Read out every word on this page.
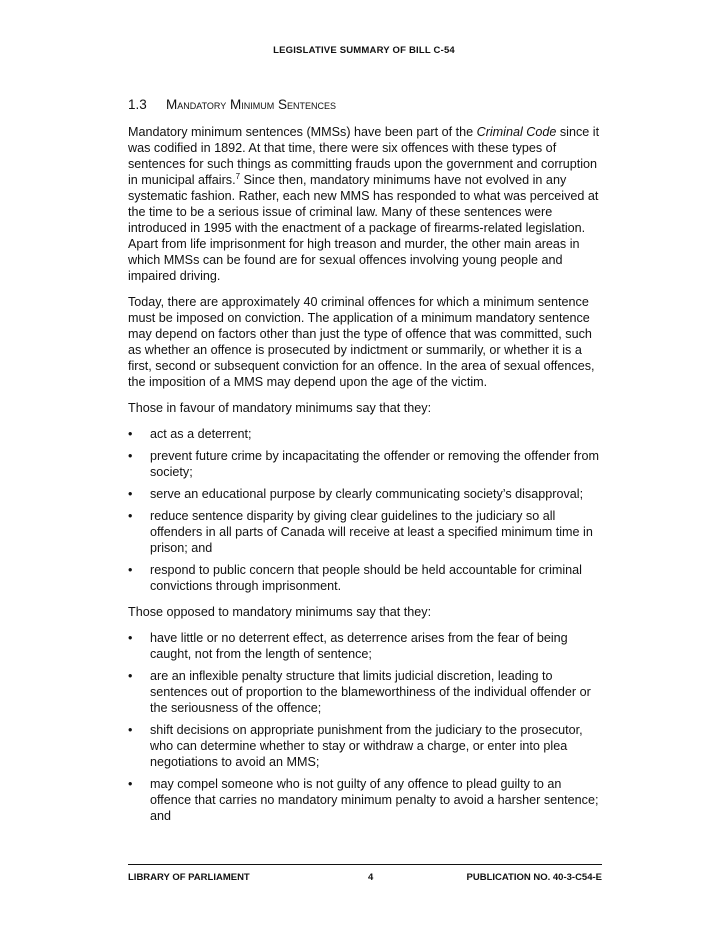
LEGISLATIVE SUMMARY OF BILL C-54
1.3	Mandatory Minimum Sentences

Mandatory minimum sentences (MMSs) have been part of the Criminal Code since it was codified in 1892. At that time, there were six offences with these types of sentences for such things as committing frauds upon the government and corruption in municipal affairs.$^7$ Since then, mandatory minimums have not evolved in any systematic fashion. Rather, each new MMS has responded to what was perceived at the time to be a serious issue of criminal law. Many of these sentences were introduced in 1995 with the enactment of a package of firearms-related legislation. Apart from life imprisonment for high treason and murder, the other main areas in which MMSs can be found are for sexual offences involving young people and impaired driving.

Today, there are approximately 40 criminal offences for which a minimum sentence must be imposed on conviction. The application of a minimum mandatory sentence may depend on factors other than just the type of offence that was committed, such as whether an offence is prosecuted by indictment or summarily, or whether it is a first, second or subsequent conviction for an offence. In the area of sexual offences, the imposition of a MMS may depend upon the age of the victim.

Those in favour of mandatory minimums say that they:

•	act as a deterrent;
•	prevent future crime by incapacitating the offender or removing the offender from society;
•	serve an educational purpose by clearly communicating society’s disapproval;
•	reduce sentence disparity by giving clear guidelines to the judiciary so all offenders in all parts of Canada will receive at least a specified minimum time in prison; and
•	respond to public concern that people should be held accountable for criminal convictions through imprisonment.

Those opposed to mandatory minimums say that they:

•	have little or no deterrent effect, as deterrence arises from the fear of being caught, not from the length of sentence;
•	are an inflexible penalty structure that limits judicial discretion, leading to sentences out of proportion to the blameworthiness of the individual offender or the seriousness of the offence;
•	shift decisions on appropriate punishment from the judiciary to the prosecutor, who can determine whether to stay or withdraw a charge, or enter into plea negotiations to avoid an MMS;
•	may compel someone who is not guilty of any offence to plead guilty to an offence that carries no mandatory minimum penalty to avoid a harsher sentence; and
LIBRARY OF PARLIAMENT	4	PUBLICATION NO. 40-3-C54-E
